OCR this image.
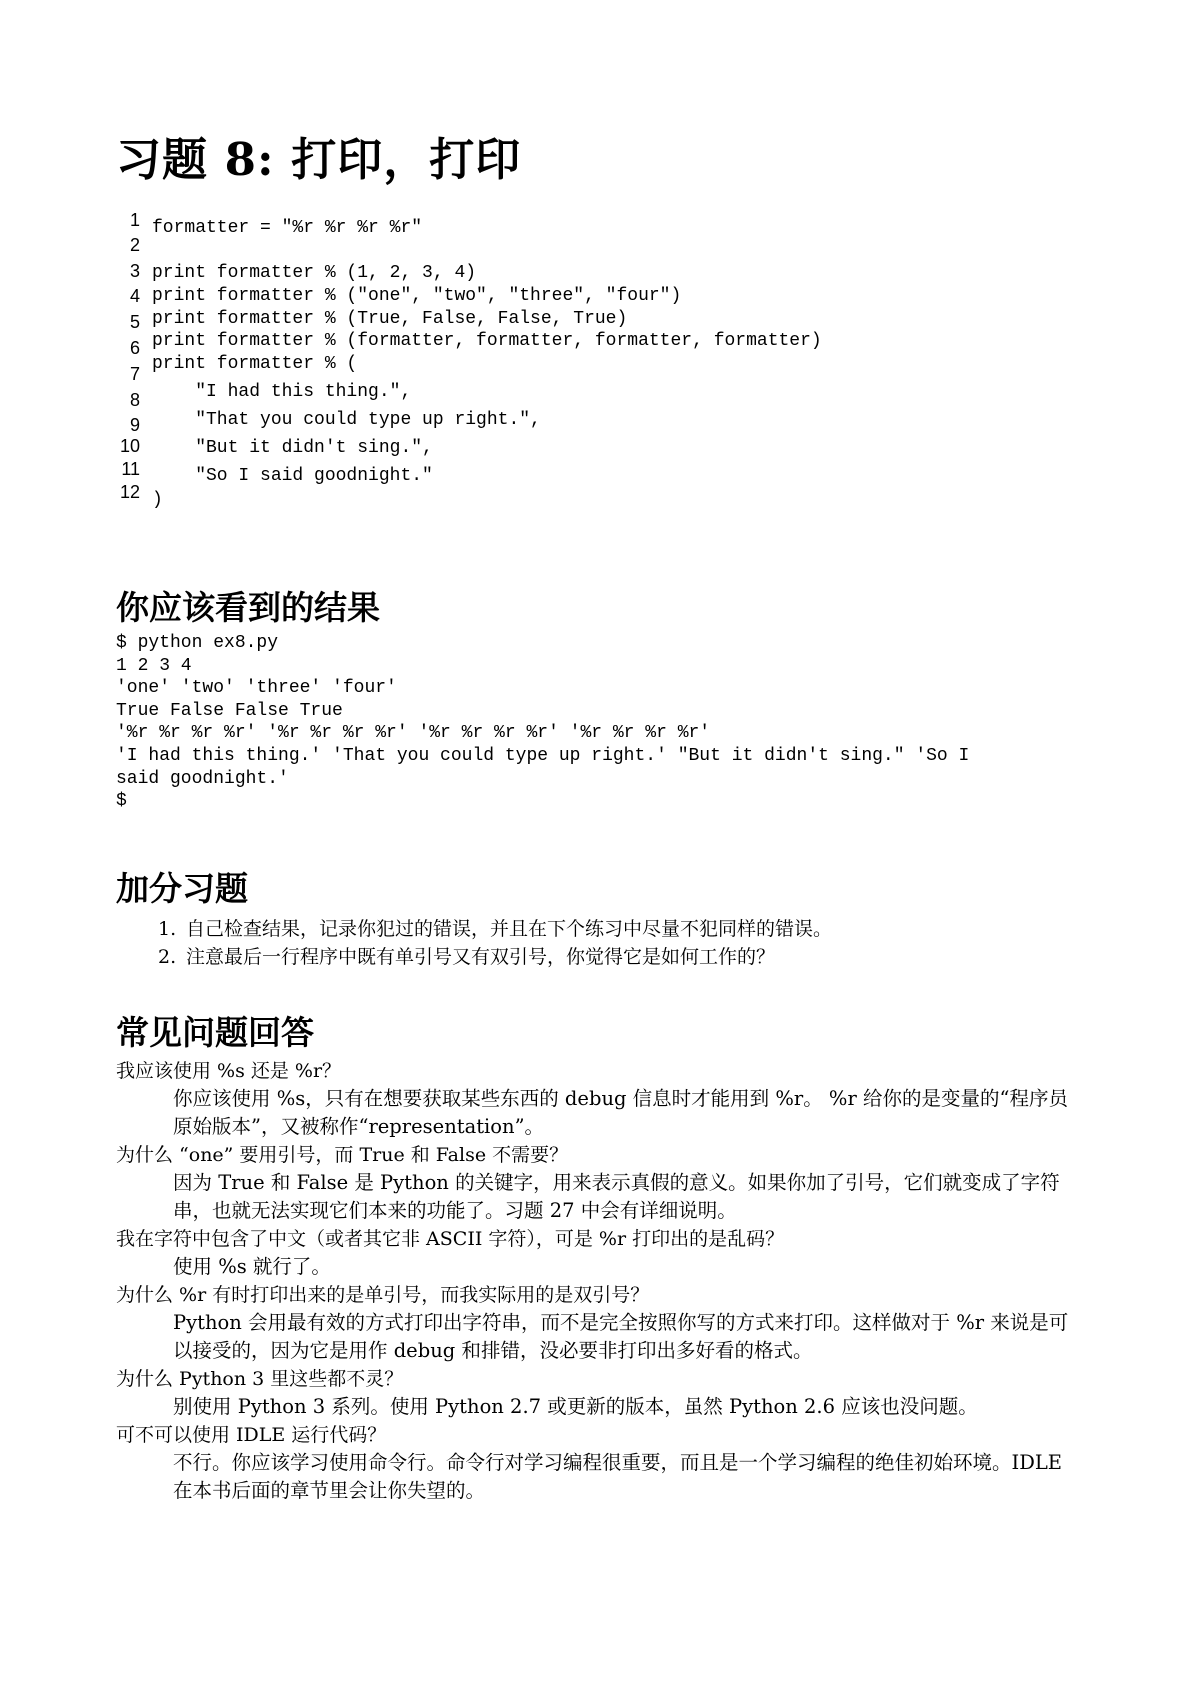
习题 8: 打印，打印
1
2
3
4
5
6
7
8
9
10
11
12
formatter = "%r %r %r %r"
print formatter % (1, 2, 3, 4)
print formatter % ("one", "two", "three", "four")
print formatter % (True, False, False, True)
print formatter % (formatter, formatter, formatter, formatter)
print formatter % (
"I had this thing.",
"That you could type up right.",
"But it didn't sing.",
"So I said goodnight."
)
你应该看到的结果
$ python ex8.py
1 2 3 4
'one' 'two' 'three' 'four'
True False False True
'%r %r %r %r' '%r %r %r %r' '%r %r %r %r' '%r %r %r %r'
'I had this thing.' 'That you could type up right.' "But it didn't sing." 'So I
said goodnight.'
$
加分习题
1. 自己检查结果，记录你犯过的错误，并且在下个练习中尽量不犯同样的错误。
2. 注意最后一行程序中既有单引号又有双引号，你觉得它是如何工作的？
常见问题回答
我应该使用 %s 还是 %r？
你应该使用 %s，只有在想要获取某些东西的 debug 信息时才能用到 %r。 %r 给你的是变量的“程序员原始版本”，又被称作“representation”。
为什么 “one” 要用引号，而 True 和 False 不需要？
因为 True 和 False 是 Python 的关键字，用来表示真假的意义。如果你加了引号，它们就变成了字符串，也就无法实现它们本来的功能了。习题 27 中会有详细说明。
我在字符中包含了中文（或者其它非 ASCII 字符），可是 %r 打印出的是乱码？
使用 %s 就行了。
为什么 %r 有时打印出来的是单引号，而我实际用的是双引号？
Python 会用最有效的方式打印出字符串，而不是完全按照你写的方式来打印。这样做对于 %r 来说是可以接受的，因为它是用作 debug 和排错，没必要非打印出多好看的格式。
为什么 Python 3 里这些都不灵？
别使用 Python 3 系列。使用 Python 2.7 或更新的版本，虽然 Python 2.6 应该也没问题。
可不可以使用 IDLE 运行代码？
不行。你应该学习使用命令行。命令行对学习编程很重要，而且是一个学习编程的绝佳初始环境。IDLE 在本书后面的章节里会让你失望的。
